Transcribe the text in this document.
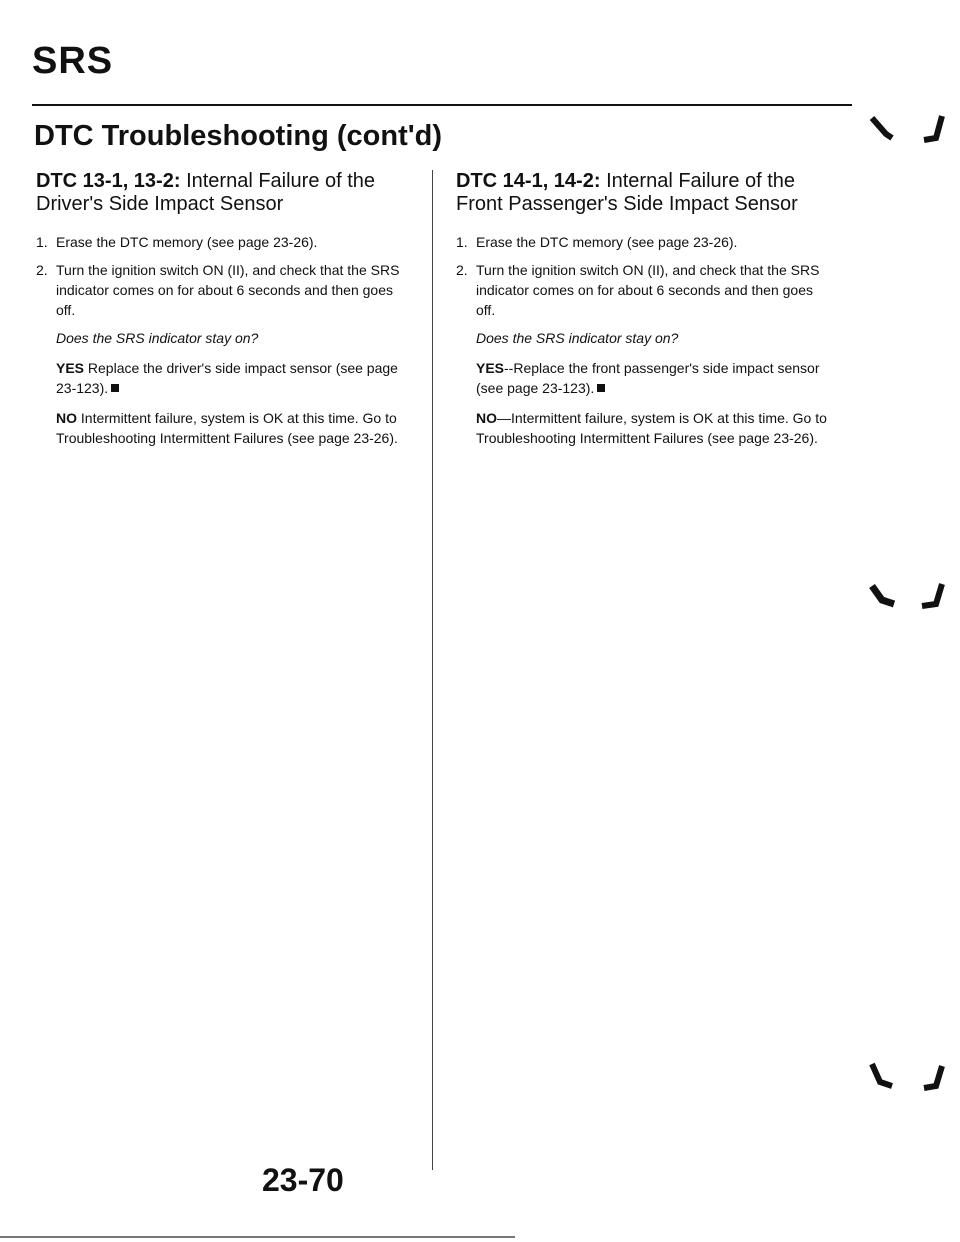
SRS
DTC Troubleshooting (cont'd)
DTC 13-1, 13-2: Internal Failure of the Driver's Side Impact Sensor
1. Erase the DTC memory (see page 23-26).
2. Turn the ignition switch ON (II), and check that the SRS indicator comes on for about 6 seconds and then goes off.
Does the SRS indicator stay on?
YES Replace the driver's side impact sensor (see page 23-123).
NO Intermittent failure, system is OK at this time. Go to Troubleshooting Intermittent Failures (see page 23-26).
DTC 14-1, 14-2: Internal Failure of the Front Passenger's Side Impact Sensor
1. Erase the DTC memory (see page 23-26).
2. Turn the ignition switch ON (II), and check that the SRS indicator comes on for about 6 seconds and then goes off.
Does the SRS indicator stay on?
YES--Replace the front passenger's side impact sensor (see page 23-123).
NO—Intermittent failure, system is OK at this time. Go to Troubleshooting Intermittent Failures (see page 23-26).
23-70
